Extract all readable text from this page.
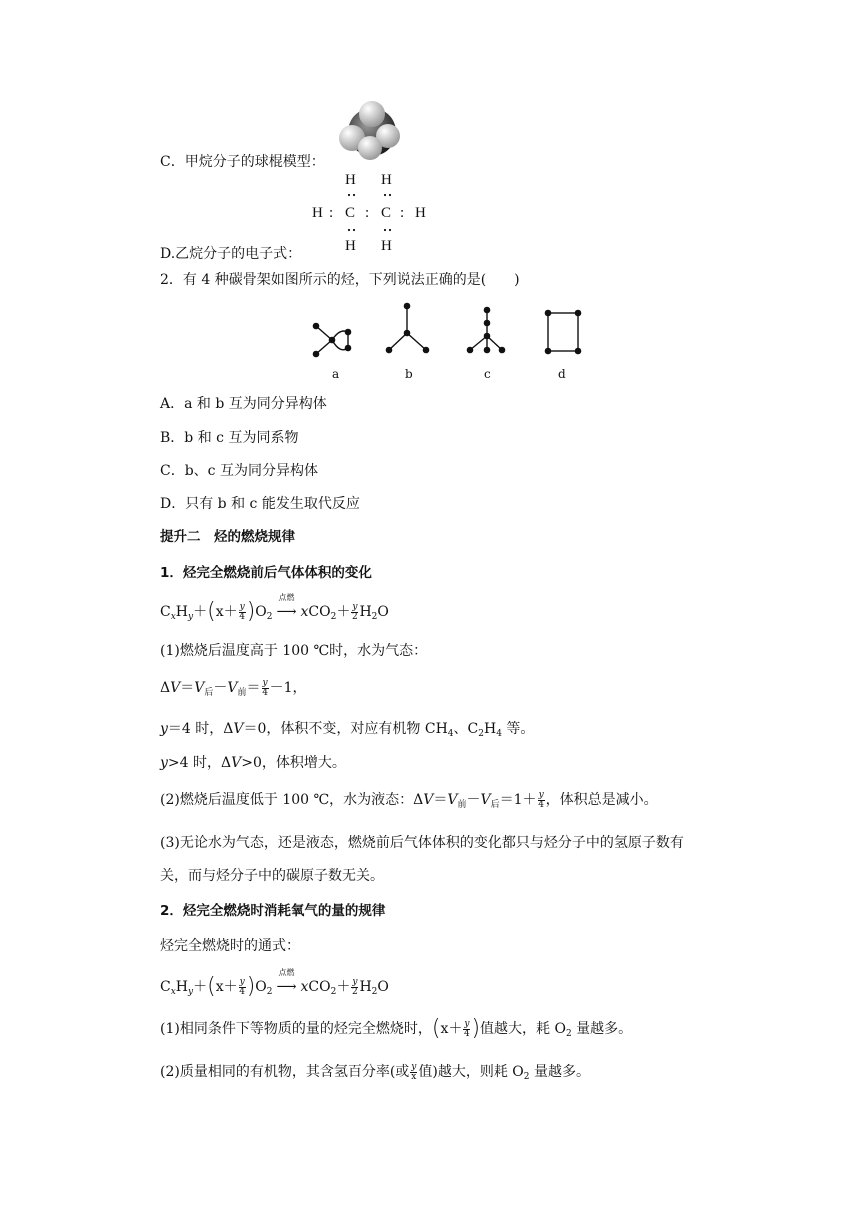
C．甲烷分子的球棍模型：
H H
H : C : C : H
H H
D.乙烷分子的电子式：
2．有 4 种碳骨架如图所示的烃，下列说法正确的是(　　)
a	b	c	d
A．a 和 b 互为同分异构体
B．b 和 c 互为同系物
C．b、c 互为同分异构体
D．只有 b 和 c 能发生取代反应
提升二　烃的燃烧规律
1．烃完全燃烧前后气体体积的变化
$C_xH_y+(x+ \frac{y}{4} )O_2$
点燃
⟶ $xCO_2+ \frac{y}{2} H_2O$
(1)燃烧后温度高于 100 ℃时，水为气态：
$\Delta V=V_后-V_前= \frac{y}{4} -1$，
y＝4 时，ΔV＝0，体积不变，对应有机物 $CH_4$、$C_2H_4$ 等。
y>4 时，ΔV>0，体积增大。
(2)燃烧后温度低于 100 ℃，水为液态：$\Delta V=V_前-V_后=1+ \frac{y}{4}$ ，体积总是减小。
(3)无论水为气态，还是液态，燃烧前后气体体积的变化都只与烃分子中的氢原子数有
关，而与烃分子中的碳原子数无关。
2．烃完全燃烧时消耗氧气的量的规律
烃完全燃烧时的通式：
$C_xH_y+(x+ \frac{y}{4} )O_2$
点燃
⟶ $xCO_2+ \frac{y}{2} H_2O$
(1)相同条件下等物质的量的烃完全燃烧时，($x+ \frac{y}{4}$ )值越大，耗 $O_2$ 量越多。
(2)质量相同的有机物，其含氢百分率(或 $\frac{y}{x}$ 值)越大，则耗 $O_2$ 量越多。
